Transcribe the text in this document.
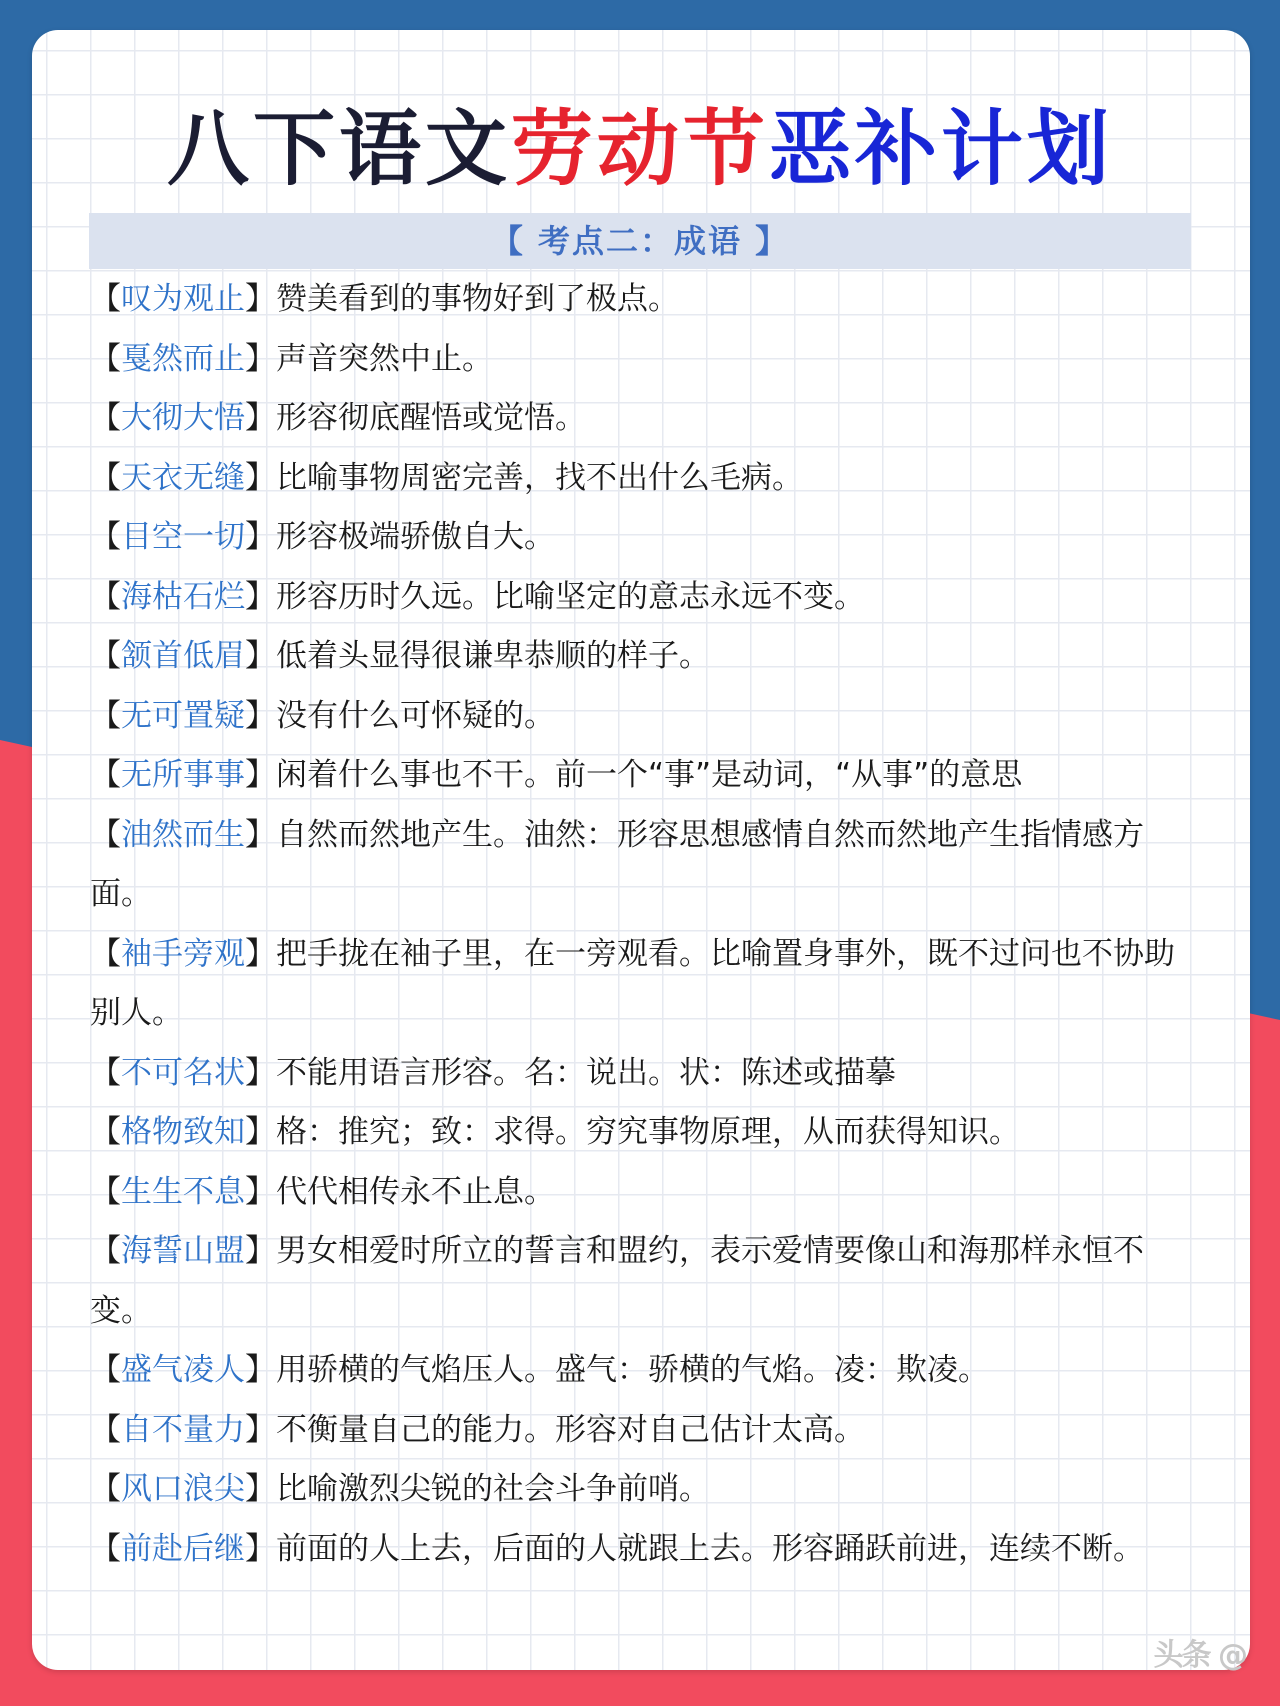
八下语文劳动节恶补计划
【 考点二：成语 】
【叹为观止】赞美看到的事物好到了极点。
【戛然而止】声音突然中止。
【大彻大悟】形容彻底醒悟或觉悟。
【天衣无缝】比喻事物周密完善，找不出什么毛病。
【目空一切】形容极端骄傲自大。
【海枯石烂】形容历时久远。比喻坚定的意志永远不变。
【颔首低眉】低着头显得很谦卑恭顺的样子。
【无可置疑】没有什么可怀疑的。
【无所事事】闲着什么事也不干。前一个“事”是动词，“从事”的意思
【油然而生】自然而然地产生。油然：形容思想感情自然而然地产生指情感方面。
【袖手旁观】把手拢在袖子里，在一旁观看。比喻置身事外，既不过问也不协助别人。
【不可名状】不能用语言形容。名：说出。状：陈述或描摹
【格物致知】格：推究；致：求得。穷究事物原理，从而获得知识。
【生生不息】代代相传永不止息。
【海誓山盟】男女相爱时所立的誓言和盟约，表示爱情要像山和海那样永恒不变。
【盛气凌人】用骄横的气焰压人。盛气：骄横的气焰。凌：欺凌。
【自不量力】不衡量自己的能力。形容对自己估计太高。
【风口浪尖】比喻激烈尖锐的社会斗争前哨。
【前赴后继】前面的人上去，后面的人就跟上去。形容踊跃前进，连续不断。
头条 @
